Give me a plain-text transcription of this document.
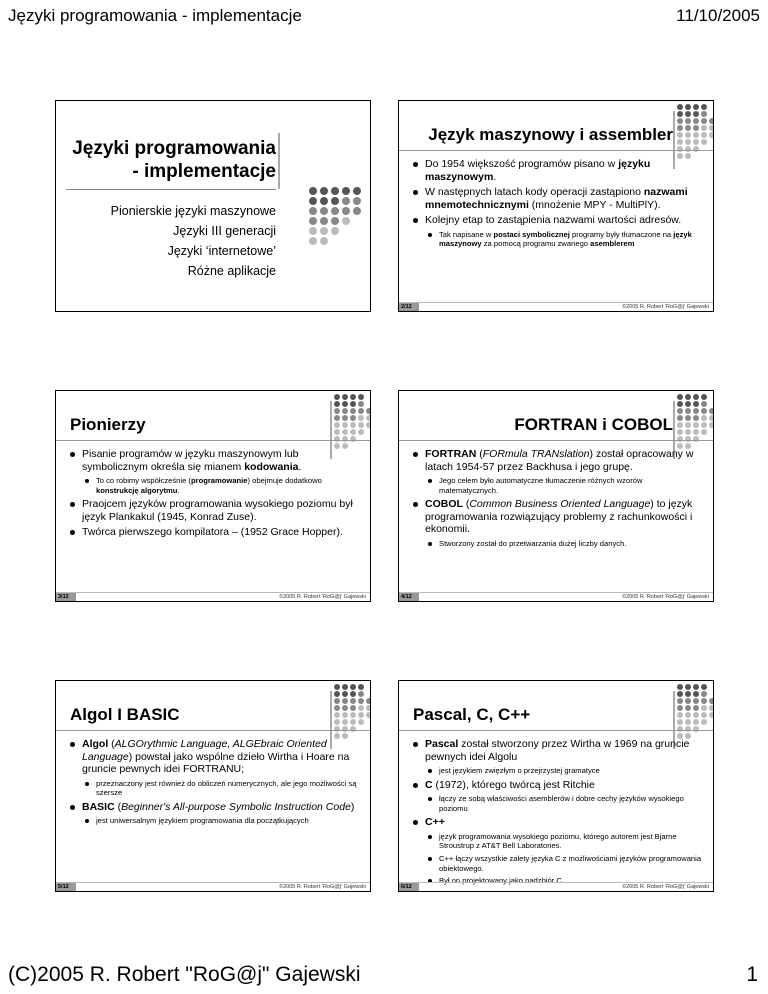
Języki programowania - implementacje	11/10/2005
Języki programowania
- implementacje
Pionierskie języki maszynowe
Języki III generacji
Języki ‘internetowe’
Różne aplikacje
Język maszynowy i assembler
Do 1954 większość programów pisano w języku maszynowym.
W następnych latach kody operacji zastąpiono nazwami mnemotechnicznymi (mnożenie MPY - MultiPlY).
Kolejny etap to zastąpienia nazwami wartości adresów.
Tak napisane w postaci symbolicznej programy były tłumaczone na język maszynowy za pomocą programu zwanego asemblerem
2/12	©2005 R. Robert 'RoG@j' Gajewski
Pionierzy
Pisanie programów w języku maszynowym lub symbolicznym określa się mianem kodowania.
To co robimy współcześnie (programowanie) obejmuje dodatkowo konstrukcję algorytmu.
Praojcem języków programowania wysokiego poziomu był język Plankakul (1945, Konrad Zuse).
Twórca pierwszego kompilatora – (1952 Grace Hopper).
3/12	©2005 R. Robert 'RoG@j' Gajewski
FORTRAN i COBOL
FORTRAN (FORmula TRANslation) został opracowany w latach 1954-57 przez Backhusa i jego grupę.
Jego celem było automatyczne tłumaczenie różnych wzorów matematycznych.
COBOL (Common Business Oriented Language) to język programowania rozwiązujący problemy z rachunkowości i ekonomii.
Stworzony został do przetwarzania dużej liczby danych.
4/12	©2005 R. Robert 'RoG@j' Gajewski
Algol I BASIC
Algol (ALGOrythmic Language, ALGEbraic Oriented Language) powstał jako wspólne dzieło Wirtha i Hoare na gruncie pewnych idei FORTRANU;
przeznaczony jest również do obliczeń numerycznych, ale jego możliwości są szersze
BASIC (Beginner's All-purpose Symbolic Instruction Code)
jest uniwersalnym językiem programowania dla początkujących
5/12	©2005 R. Robert 'RoG@j' Gajewski
Pascal, C, C++
Pascal został stworzony przez Wirtha w 1969 na gruncie pewnych idei Algolu
jest językiem zwięzłym o przejrzystej gramatyce
C (1972), którego twórcą jest Ritchie
łączy ze sobą właściwości asemblerów i dobre cechy języków wysokiego poziomu
C++
język programowania wysokiego poziomu, którego autorem jest Bjarne Stroustrup z AT&T Bell Laboratories.
C++ łączy wszystkie zalety języka C z możliwościami języków programowania obiektowego.
Był on projektowany jako nadzbiór C
6/12	©2005 R. Robert 'RoG@j' Gajewski
(C)2005 R. Robert "RoG@j" Gajewski	1
